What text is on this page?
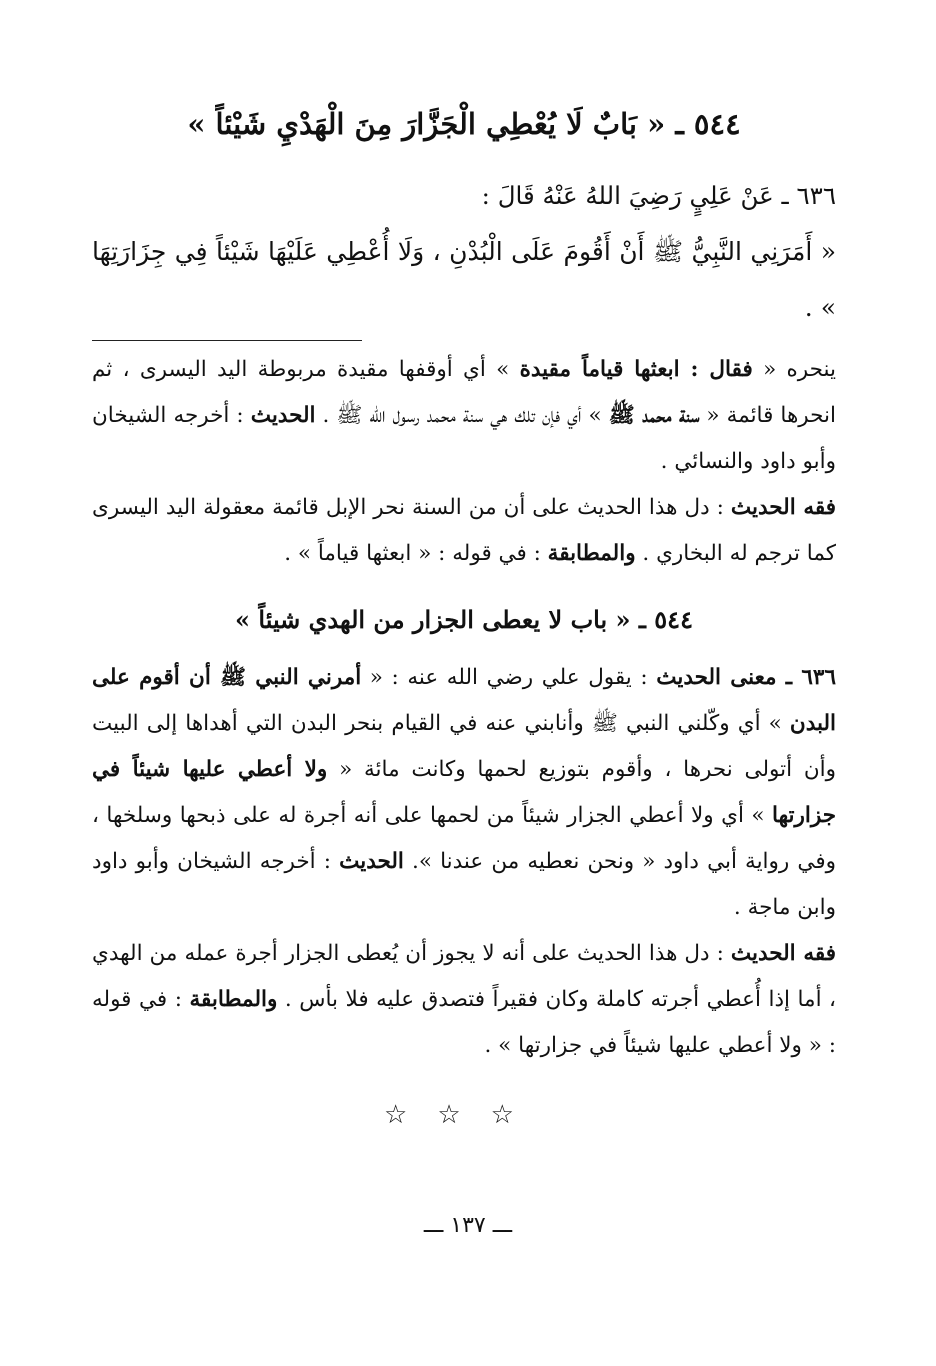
٥٤٤ ـ « بَابٌ لَا يُعْطِي الْجَزَّارَ مِنَ الْهَدْيِ شَيْئاً »
٦٣٦ ـ عَنْ عَلِيٍ رَضِيَ اللهُ عَنْهُ قَالَ :
« أَمَرَنِي النَّبِيُّ ﷺ أَنْ أَقُومَ عَلَى الْبُدْنِ ، وَلَا أُعْطِي عَلَيْهَا شَيْئاً فِي جِزَارَتِهَا » .

ينحره « فقال : ابعثها قياماً مقيدة » أي أوقفها مقيدة مربوطة اليد اليسرى ، ثم انحرها قائمة « سنة محمد ﷺ » أي فإن تلك هي سنة محمد رسول الله ﷺ . الحديث : أخرجه الشيخان وأبو داود والنسائي .

فقه الحديث : دل هذا الحديث على أن من السنة نحر الإبل قائمة معقولة اليد اليسرى كما ترجم له البخاري . والمطابقة : في قوله : « ابعثها قياماً » .

٥٤٤ ـ « باب لا يعطى الجزار من الهدي شيئاً »

٦٣٦ ـ معنى الحديث : يقول علي رضي الله عنه : « أمرني النبي ﷺ أن أقوم على البدن » أي وكّلني النبي ﷺ وأنابني عنه في القيام بنحر البدن التي أهداها إلى البيت وأن أتولى نحرها ، وأقوم بتوزيع لحمها وكانت مائة « ولا أعطي عليها شيئاً في جزارتها » أي ولا أعطي الجزار شيئاً من لحمها على أنه أجرة له على ذبحها وسلخها ، وفي رواية أبي داود « ونحن نعطيه من عندنا ». الحديث : أخرجه الشيخان وأبو داود وابن ماجة .

فقه الحديث : دل هذا الحديث على أنه لا يجوز أن يُعطى الجزار أجرة عمله من الهدي ، أما إذا أُعطي أجرته كاملة وكان فقيراً فتصدق عليه فلا بأس . والمطابقة : في قوله : « ولا أعطي عليها شيئاً في جزارتها » .

☆☆☆
ـــ ١٣٧ ـــ
